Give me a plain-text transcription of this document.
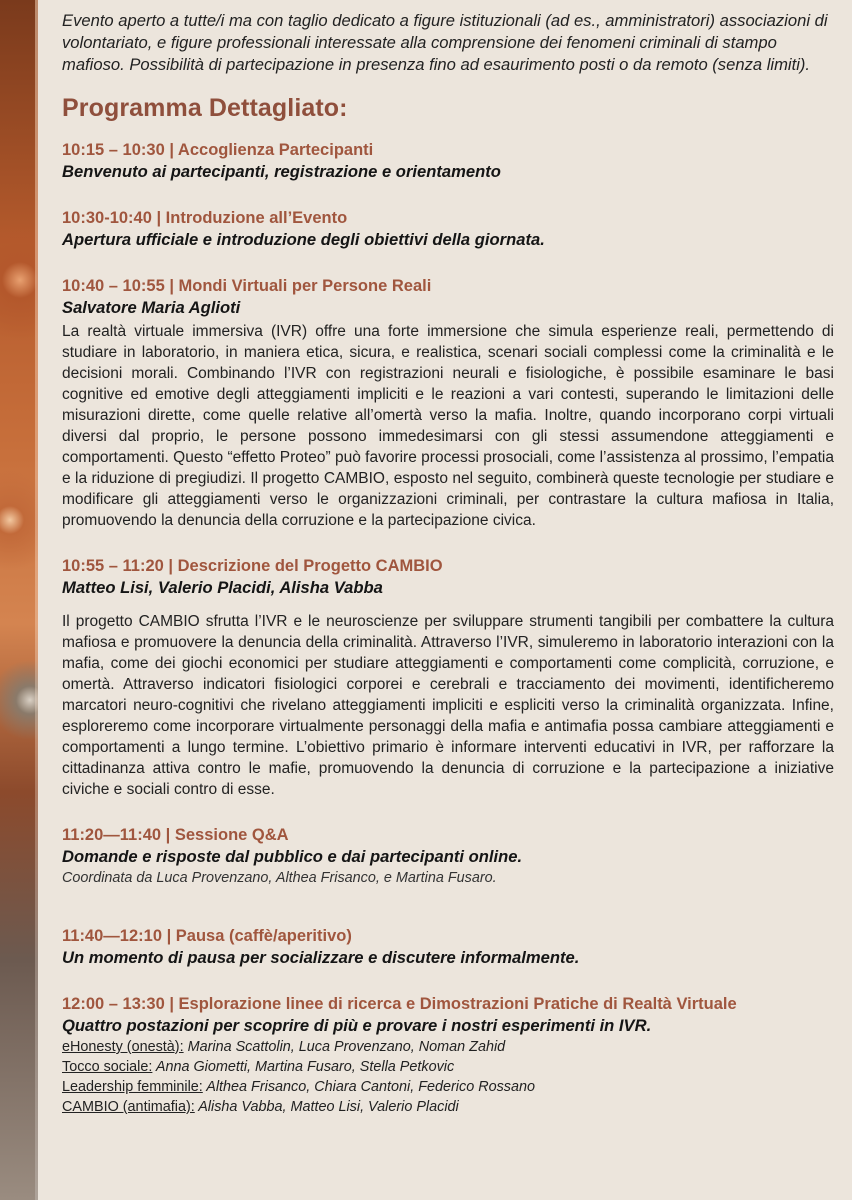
Evento aperto a tutte/i ma con taglio dedicato a figure istituzionali (ad es., amministratori) associazioni di volontariato, e figure professionali interessate alla comprensione dei fenomeni criminali di stampo mafioso. Possibilità di partecipazione in presenza fino ad esaurimento posti o da remoto (senza limiti).

Programma Dettagliato:
10:15 – 10:30 | Accoglienza Partecipanti
Benvenuto ai partecipanti, registrazione e orientamento
10:30-10:40 | Introduzione all’Evento
Apertura ufficiale e introduzione degli obiettivi della giornata.
10:40 – 10:55 | Mondi Virtuali per Persone Reali
Salvatore Maria Aglioti

La realtà virtuale immersiva (IVR) offre una forte immersione che simula esperienze reali, permettendo di studiare in laboratorio, in maniera etica, sicura, e realistica, scenari sociali complessi come la criminalità e le decisioni morali. Combinando l’IVR con registrazioni neurali e fisiologiche, è possibile esaminare le basi cognitive ed emotive degli atteggiamenti impliciti e le reazioni a vari contesti, superando le limitazioni delle misurazioni dirette, come quelle relative all’omertà verso la mafia. Inoltre, quando incorporano corpi virtuali diversi dal proprio, le persone possono immedesimarsi con gli stessi assumendone atteggiamenti e comportamenti. Questo “effetto Proteo” può favorire processi prosociali, come l’assistenza al prossimo, l’empatia e la riduzione di pregiudizi. Il progetto CAMBIO, esposto nel seguito, combinerà queste tecnologie per studiare e modificare gli atteggiamenti verso le organizzazioni criminali, per contrastare la cultura mafiosa in Italia, promuovendo la denuncia della corruzione e la partecipazione civica.

10:55 – 11:20 | Descrizione del Progetto CAMBIO
Matteo Lisi, Valerio Placidi, Alisha Vabba

Il progetto CAMBIO sfrutta l’IVR e le neuroscienze per sviluppare strumenti tangibili per combattere la cultura mafiosa e promuovere la denuncia della criminalità. Attraverso l’IVR, simuleremo in laboratorio interazioni con la mafia, come dei giochi economici per studiare atteggiamenti e comportamenti come complicità, corruzione, e omertà. Attraverso indicatori fisiologici corporei e cerebrali e tracciamento dei movimenti, identificheremo marcatori neuro-cognitivi che rivelano atteggiamenti impliciti e espliciti verso la criminalità organizzata. Infine, esploreremo come incorporare virtualmente personaggi della mafia e antimafia possa cambiare atteggiamenti e comportamenti a lungo termine. L’obiettivo primario è informare interventi educativi in IVR, per rafforzare la cittadinanza attiva contro le mafie, promuovendo la denuncia di corruzione e la partecipazione a iniziative civiche e sociali contro di esse.

11:20—11:40 | Sessione Q&A
Domande e risposte dal pubblico e dai partecipanti online.
Coordinata da Luca Provenzano, Althea Frisanco, e Martina Fusaro.
11:40—12:10 | Pausa (caffè/aperitivo)
Un momento di pausa per socializzare e discutere informalmente.
12:00 – 13:30 | Esplorazione linee di ricerca e Dimostrazioni Pratiche di Realtà Virtuale
Quattro postazioni per scoprire di più e provare i nostri esperimenti in IVR.
eHonesty (onestà): Marina Scattolin, Luca Provenzano, Noman Zahid
Tocco sociale: Anna Giometti, Martina Fusaro, Stella Petkovic
Leadership femminile: Althea Frisanco, Chiara Cantoni, Federico Rossano
CAMBIO (antimafia): Alisha Vabba, Matteo Lisi, Valerio Placidi
